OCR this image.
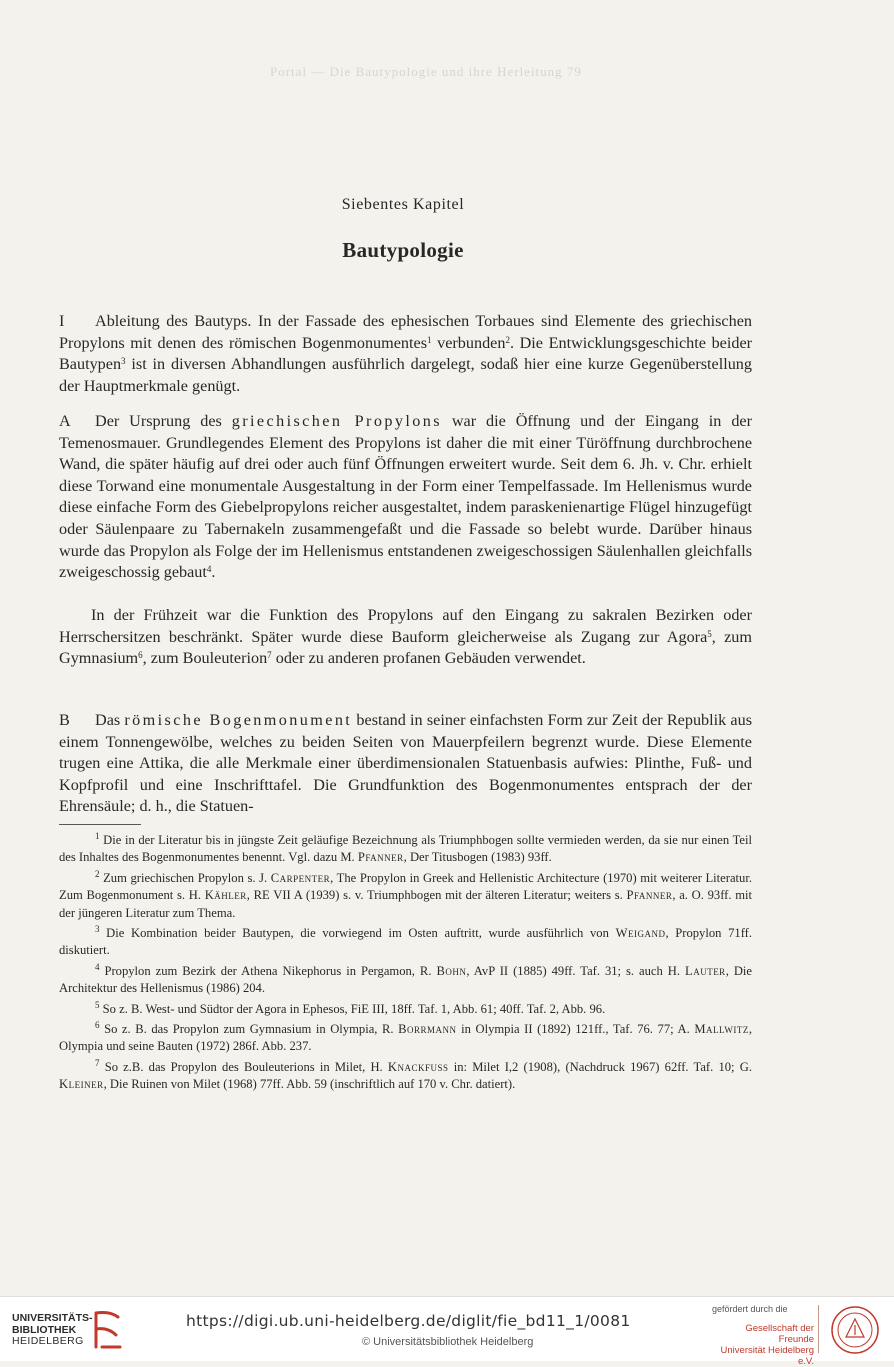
Portal — Die Bautypologie und ihre Herleitung 79
Siebentes Kapitel
Bautypologie
I Ableitung des Bautyps. In der Fassade des ephesischen Torbaues sind Elemente des griechischen Propylons mit denen des römischen Bogenmonumentes$^1$ verbunden$^2$. Die Entwicklungsgeschichte beider Bautypen$^3$ ist in diversen Abhandlungen ausführlich dargelegt, sodaß hier eine kurze Gegenüberstellung der Hauptmerkmale genügt.
A Der Ursprung des griechischen Propylons war die Öffnung und der Eingang in der Temenosmauer. Grundlegendes Element des Propylons ist daher die mit einer Türöffnung durchbrochene Wand, die später häufig auf drei oder auch fünf Öffnungen erweitert wurde. Seit dem 6. Jh. v. Chr. erhielt diese Torwand eine monumentale Ausgestaltung in der Form einer Tempelfassade. Im Hellenismus wurde diese einfache Form des Giebelpropylons reicher ausgestaltet, indem paraskenienartige Flügel hinzugefügt oder Säulenpaare zu Tabernakeln zusammengefaßt und die Fassade so belebt wurde. Darüber hinaus wurde das Propylon als Folge der im Hellenismus entstandenen zweigeschossigen Säulenhallen gleichfalls zweigeschossig gebaut$^4$.
In der Frühzeit war die Funktion des Propylons auf den Eingang zu sakralen Bezirken oder Herrschersitzen beschränkt. Später wurde diese Bauform gleicherweise als Zugang zur Agora$^5$, zum Gymnasium$^6$, zum Bouleuterion$^7$ oder zu anderen profanen Gebäuden verwendet.
B Das römische Bogenmonument bestand in seiner einfachsten Form zur Zeit der Republik aus einem Tonnengewölbe, welches zu beiden Seiten von Mauerpfeilern begrenzt wurde. Diese Elemente trugen eine Attika, die alle Merkmale einer überdimensionalen Statuenbasis aufwies: Plinthe, Fuß- und Kopfprofil und eine Inschrifttafel. Die Grundfunktion des Bogenmonumentes entsprach der der Ehrensäule; d. h., die Statuen-

$^1$ Die in der Literatur bis in jüngste Zeit geläufige Bezeichnung als Triumphbogen sollte vermieden werden, da sie nur einen Teil des Inhaltes des Bogenmonumentes benennt. Vgl. dazu M. Pfanner, Der Titusbogen (1983) 93ff.

$^2$ Zum griechischen Propylon s. J. Carpenter, The Propylon in Greek and Hellenistic Architecture (1970) mit weiterer Literatur. Zum Bogenmonument s. H. Kähler, RE VII A (1939) s. v. Triumphbogen mit der älteren Literatur; weiters s. Pfanner, a. O. 93ff. mit der jüngeren Literatur zum Thema.

$^3$ Die Kombination beider Bautypen, die vorwiegend im Osten auftritt, wurde ausführlich von Weigand, Propylon 71ff. diskutiert.

$^4$ Propylon zum Bezirk der Athena Nikephorus in Pergamon, R. Bohn, AvP II (1885) 49ff. Taf. 31; s. auch H. Lauter, Die Architektur des Hellenismus (1986) 204.

$^5$ So z. B. West- und Südtor der Agora in Ephesos, FiE III, 18ff. Taf. 1, Abb. 61; 40ff. Taf. 2, Abb. 96.

$^6$ So z. B. das Propylon zum Gymnasium in Olympia, R. Borrmann in Olympia II (1892) 121ff., Taf. 76. 77; A. Mallwitz, Olympia und seine Bauten (1972) 286f. Abb. 237.

$^7$ So z.B. das Propylon des Bouleuterions in Milet, H. Knackfuss in: Milet I,2 (1908), (Nachdruck 1967) 62ff. Taf. 10; G. Kleiner, Die Ruinen von Milet (1968) 77ff. Abb. 59 (inschriftlich auf 170 v. Chr. datiert).

UNIVERSITÄTS-
BIBLIOTHEK
HEIDELBERG
https://digi.ub.uni-heidelberg.de/diglit/fie_bd11_1/0081
© Universitätsbibliothek Heidelberg
gefördert durch die
Gesellschaft der Freunde
Universität Heidelberg e.V.
